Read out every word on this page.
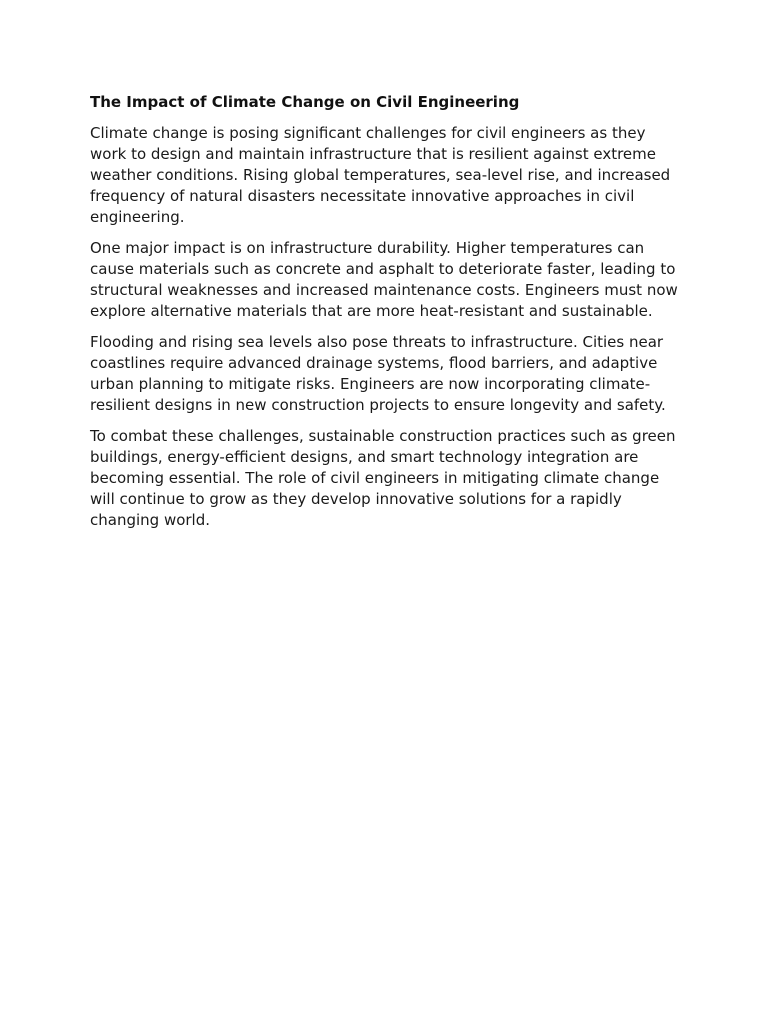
The Impact of Climate Change on Civil Engineering

Climate change is posing significant challenges for civil engineers as they work to design and maintain infrastructure that is resilient against extreme weather conditions. Rising global temperatures, sea-level rise, and increased frequency of natural disasters necessitate innovative approaches in civil engineering.

One major impact is on infrastructure durability. Higher temperatures can cause materials such as concrete and asphalt to deteriorate faster, leading to structural weaknesses and increased maintenance costs. Engineers must now explore alternative materials that are more heat-resistant and sustainable.

Flooding and rising sea levels also pose threats to infrastructure. Cities near coastlines require advanced drainage systems, flood barriers, and adaptive urban planning to mitigate risks. Engineers are now incorporating climate-resilient designs in new construction projects to ensure longevity and safety.

To combat these challenges, sustainable construction practices such as green buildings, energy-efficient designs, and smart technology integration are becoming essential. The role of civil engineers in mitigating climate change will continue to grow as they develop innovative solutions for a rapidly changing world.
